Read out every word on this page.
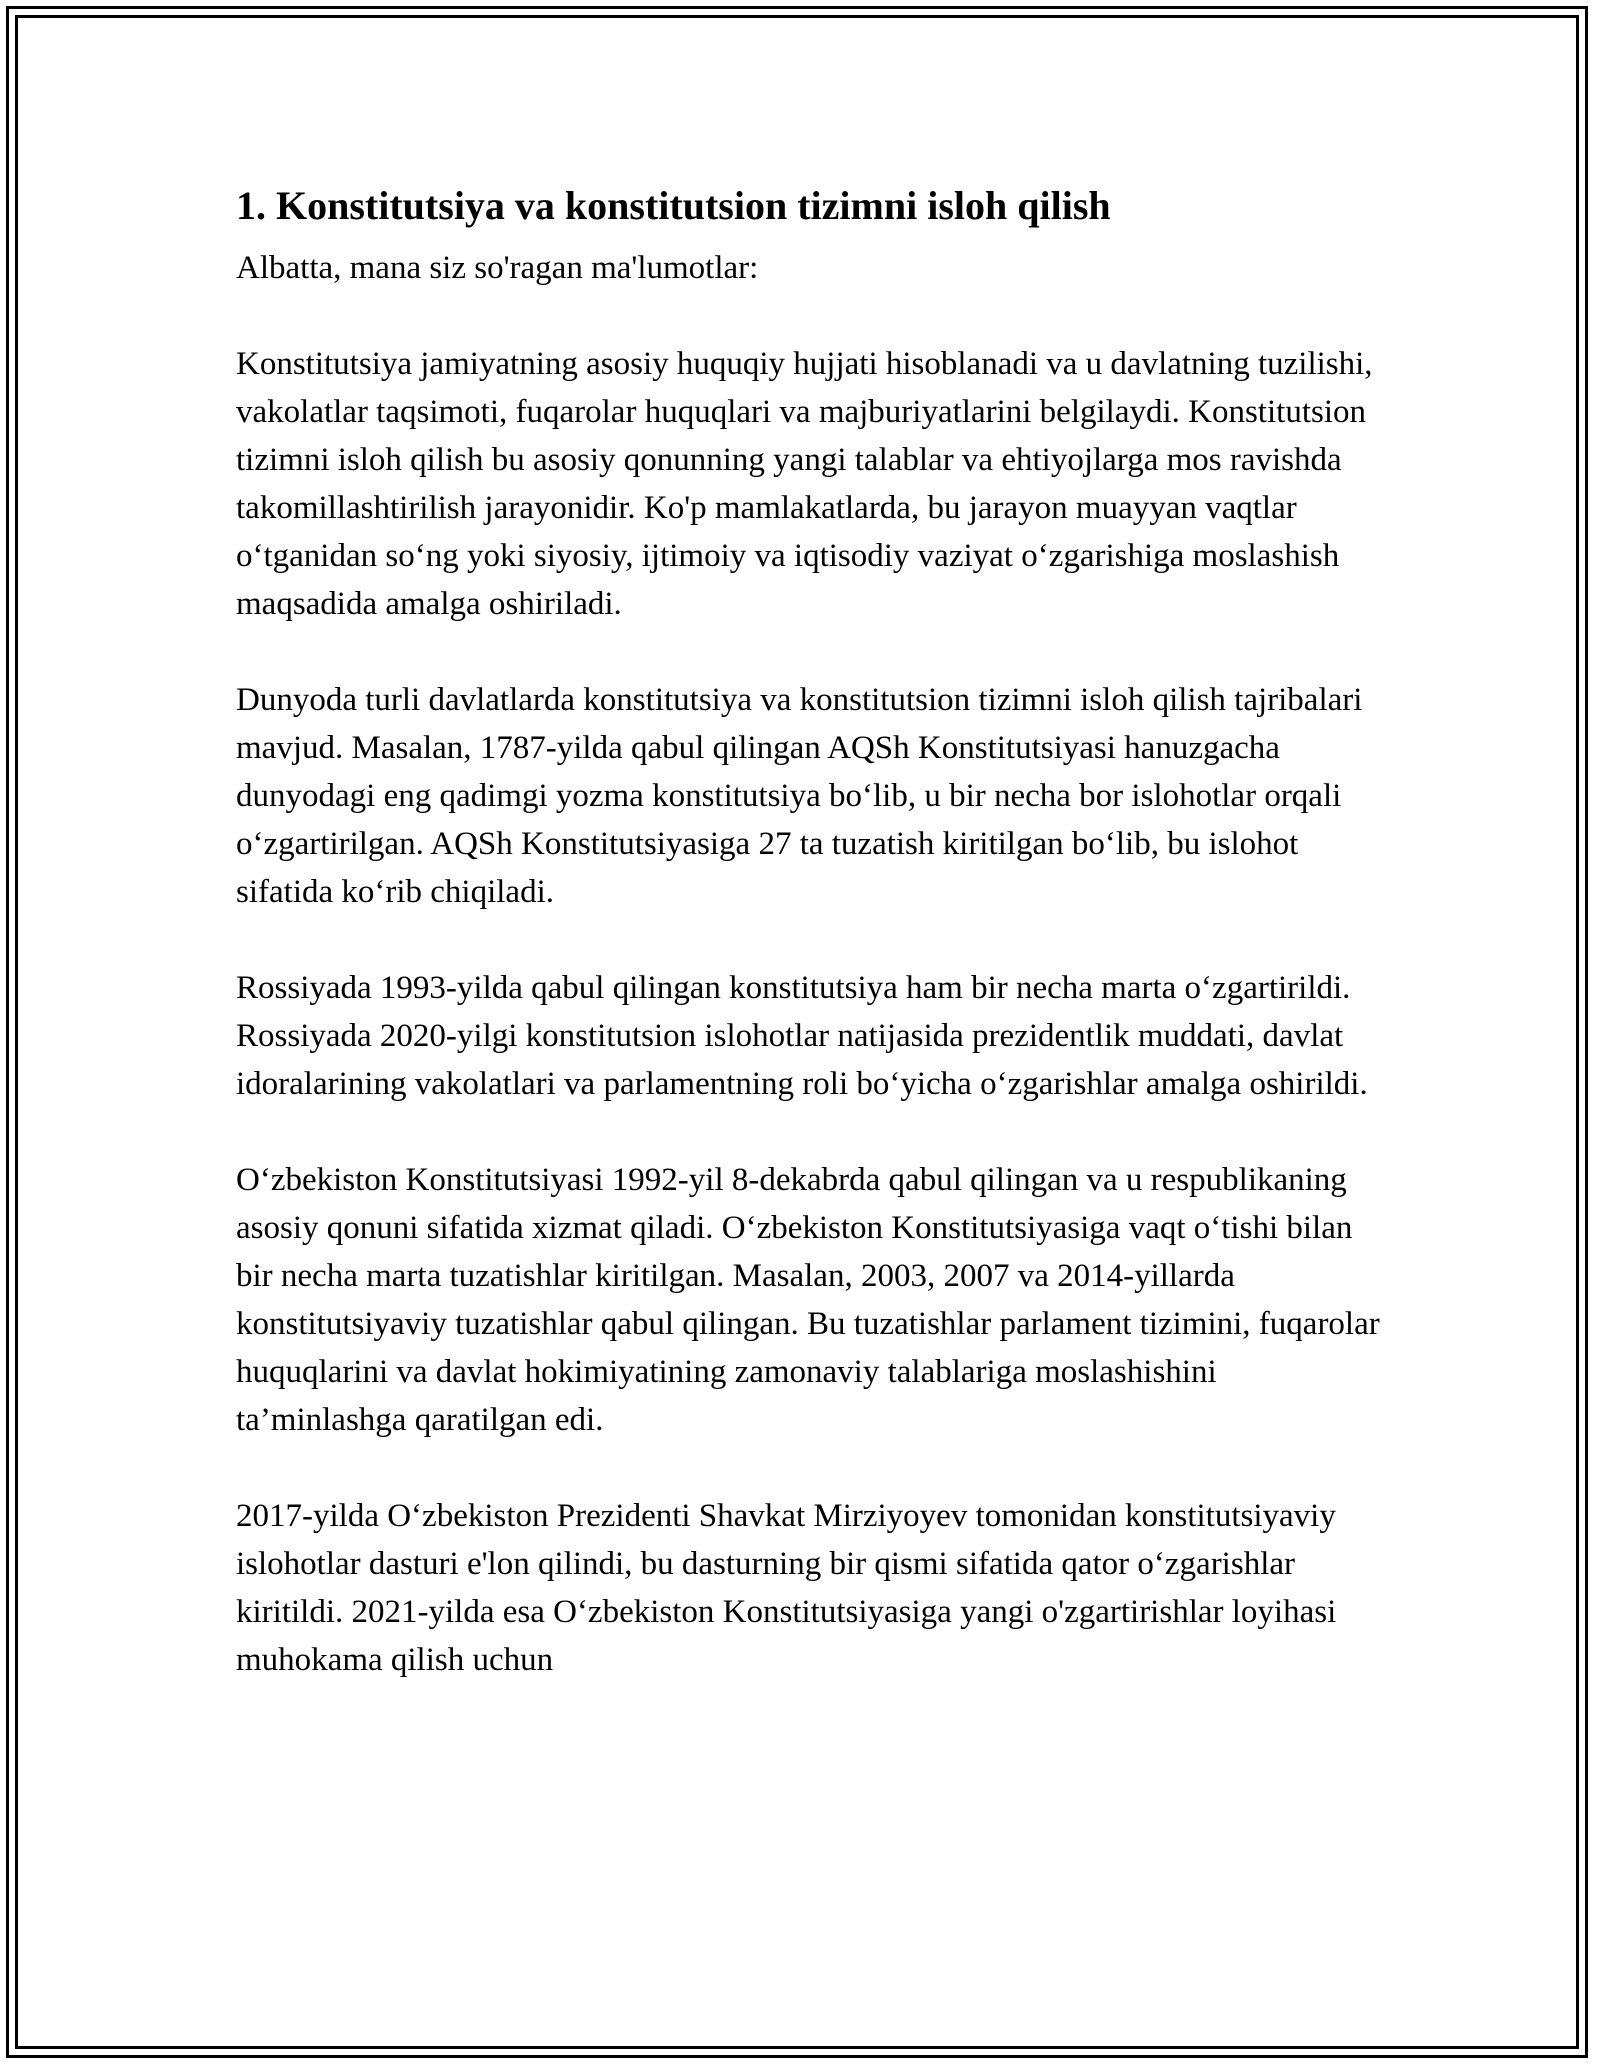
1. Konstitutsiya va konstitutsion tizimni isloh qilish

Albatta, mana siz so'ragan ma'lumotlar:

Konstitutsiya jamiyatning asosiy huquqiy hujjati hisoblanadi va u davlatning tuzilishi, vakolatlar taqsimoti, fuqarolar huquqlari va majburiyatlarini belgilaydi. Konstitutsion tizimni isloh qilish bu asosiy qonunning yangi talablar va ehtiyojlarga mos ravishda takomillashtirilish jarayonidir. Ko'p mamlakatlarda, bu jarayon muayyan vaqtlar o‘tganidan so‘ng yoki siyosiy, ijtimoiy va iqtisodiy vaziyat o‘zgarishiga moslashish maqsadida amalga oshiriladi.

Dunyoda turli davlatlarda konstitutsiya va konstitutsion tizimni isloh qilish tajribalari mavjud. Masalan, 1787-yilda qabul qilingan AQSh Konstitutsiyasi hanuzgacha dunyodagi eng qadimgi yozma konstitutsiya bo‘lib, u bir necha bor islohotlar orqali o‘zgartirilgan. AQSh Konstitutsiyasiga 27 ta tuzatish kiritilgan bo‘lib, bu islohot sifatida ko‘rib chiqiladi.

Rossiyada 1993-yilda qabul qilingan konstitutsiya ham bir necha marta o‘zgartirildi. Rossiyada 2020-yilgi konstitutsion islohotlar natijasida prezidentlik muddati, davlat idoralarining vakolatlari va parlamentning roli bo‘yicha o‘zgarishlar amalga oshirildi.

O‘zbekiston Konstitutsiyasi 1992-yil 8-dekabrda qabul qilingan va u respublikaning asosiy qonuni sifatida xizmat qiladi. O‘zbekiston Konstitutsiyasiga vaqt o‘tishi bilan bir necha marta tuzatishlar kiritilgan. Masalan, 2003, 2007 va 2014-yillarda konstitutsiyaviy tuzatishlar qabul qilingan. Bu tuzatishlar parlament tizimini, fuqarolar huquqlarini va davlat hokimiyatining zamonaviy talablariga moslashishini ta’minlashga qaratilgan edi.

2017-yilda O‘zbekiston Prezidenti Shavkat Mirziyoyev tomonidan konstitutsiyaviy islohotlar dasturi e'lon qilindi, bu dasturning bir qismi sifatida qator o‘zgarishlar kiritildi. 2021-yilda esa O‘zbekiston Konstitutsiyasiga yangi o'zgartirishlar loyihasi muhokama qilish uchun
